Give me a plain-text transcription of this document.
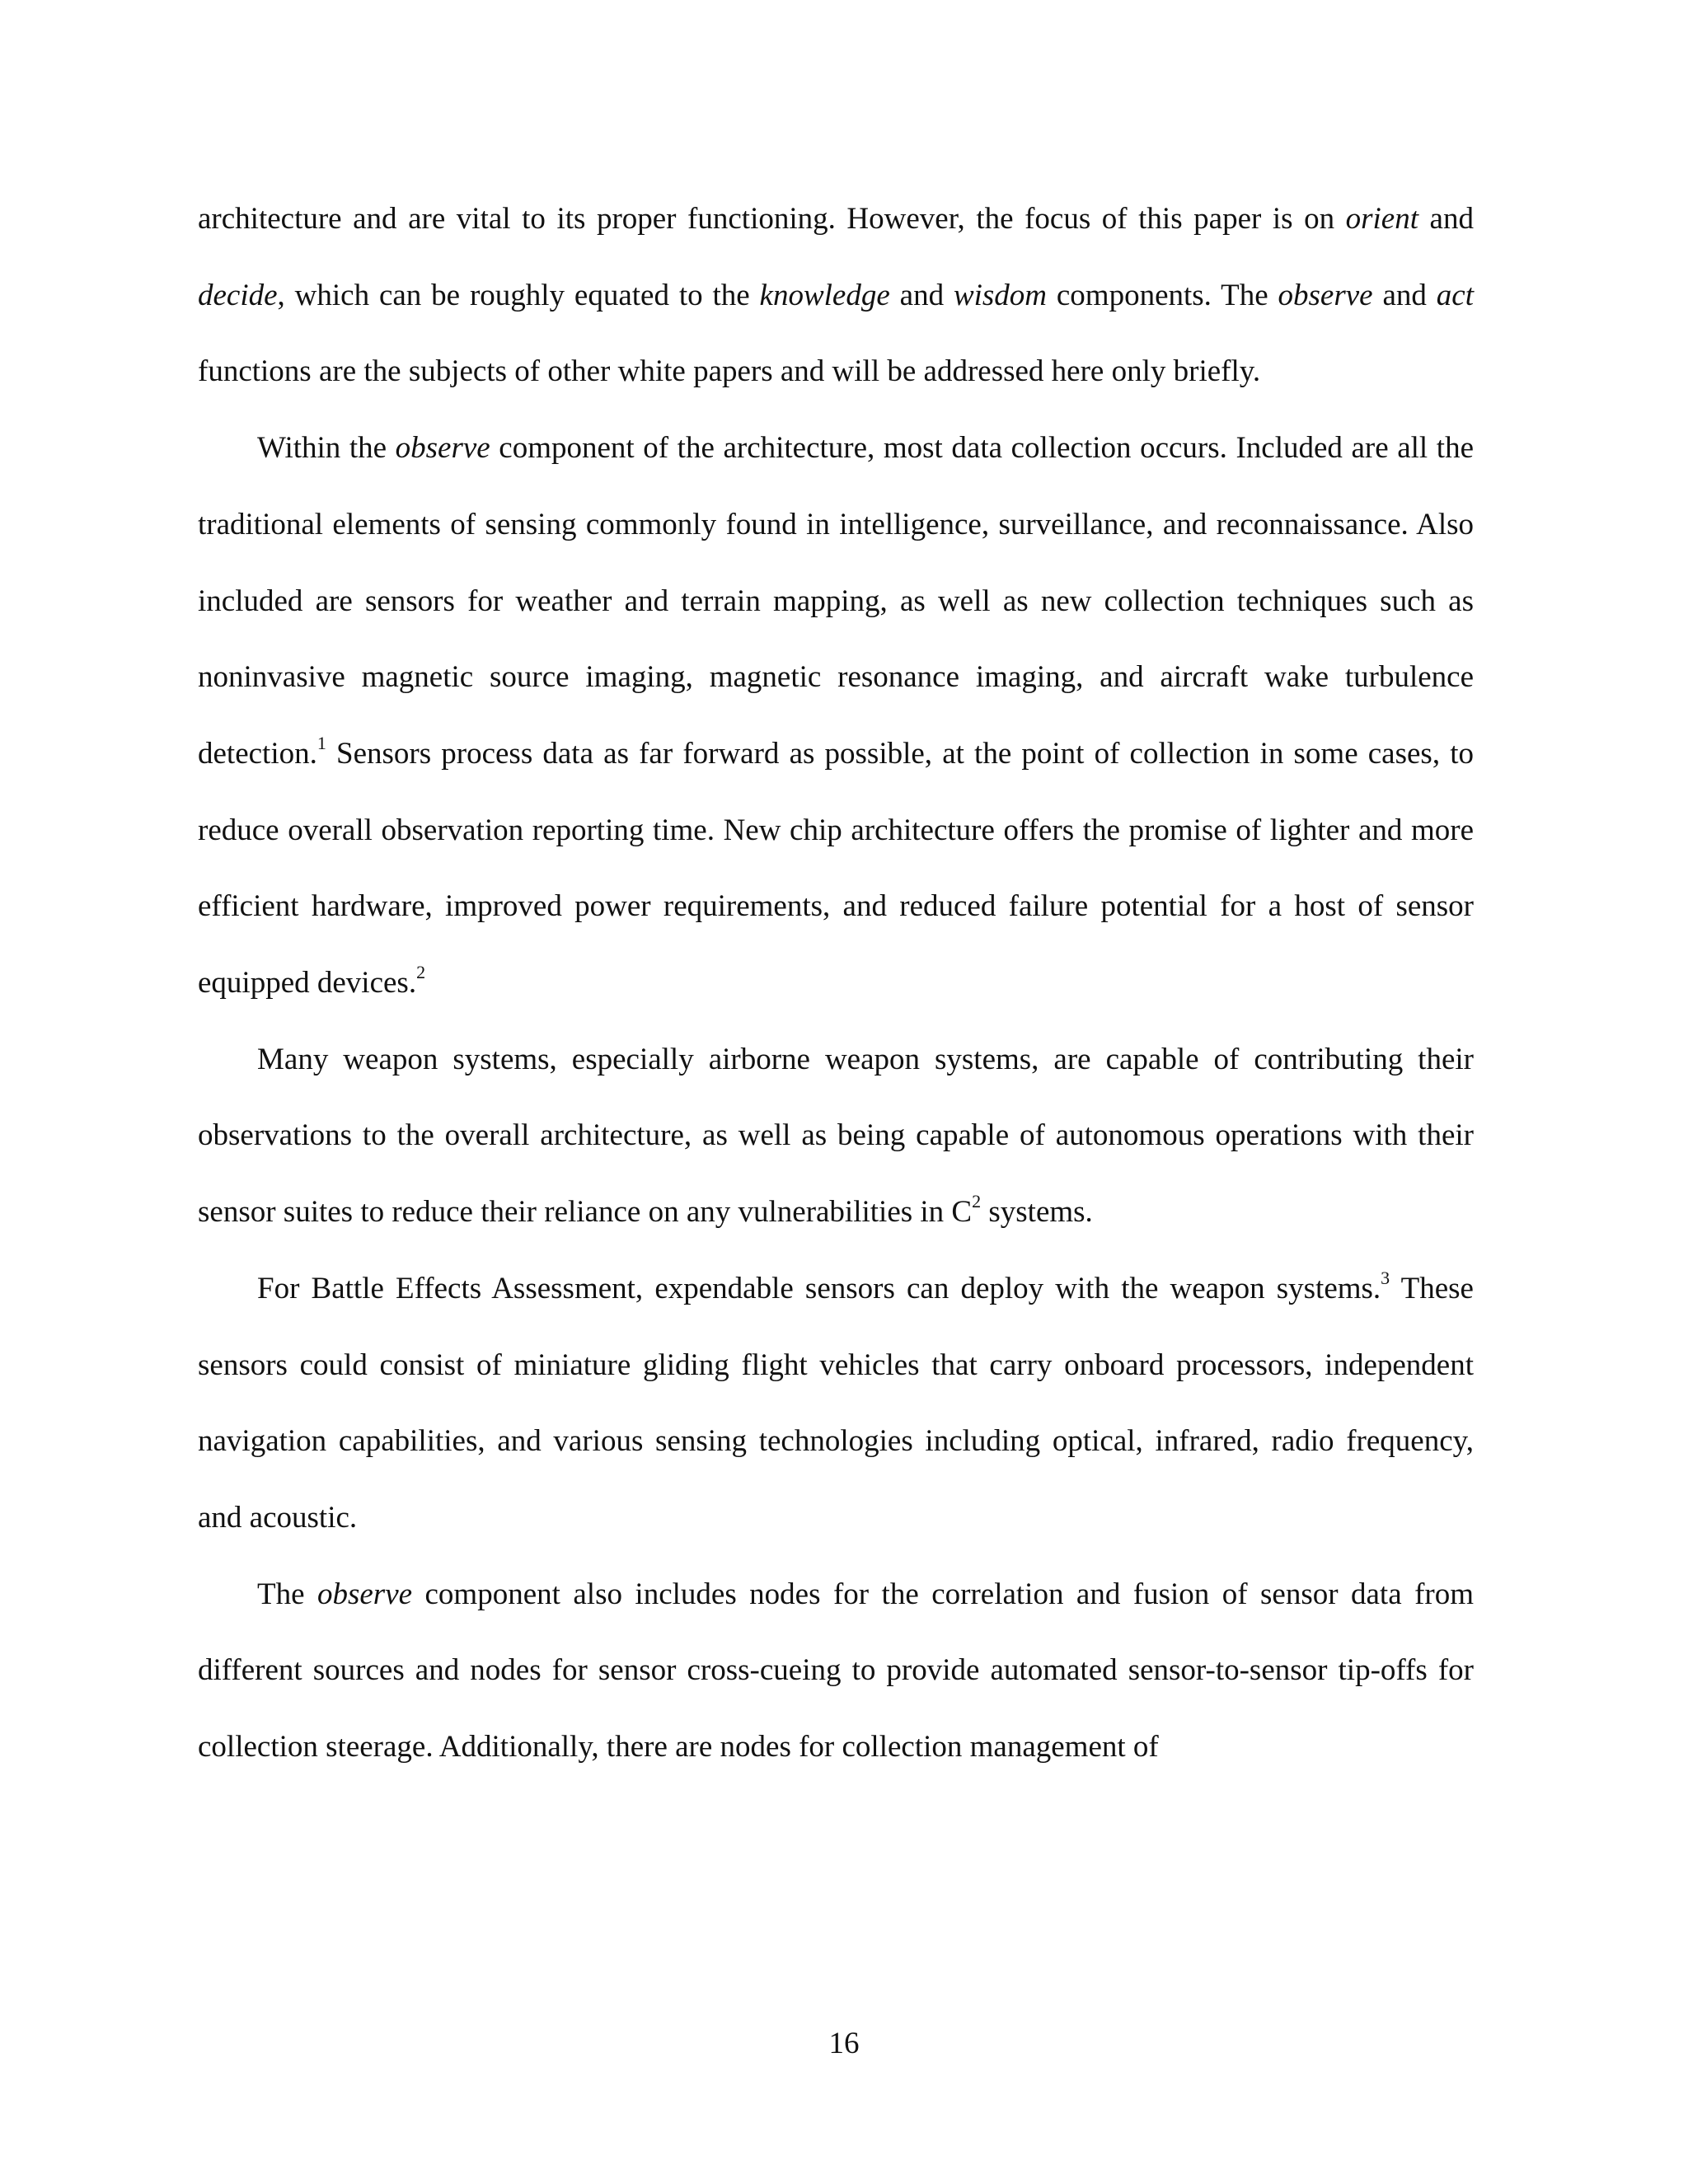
architecture and are vital to its proper functioning. However, the focus of this paper is on orient and decide, which can be roughly equated to the knowledge and wisdom components. The observe and act functions are the subjects of other white papers and will be addressed here only briefly.

Within the observe component of the architecture, most data collection occurs. Included are all the traditional elements of sensing commonly found in intelligence, surveillance, and reconnaissance. Also included are sensors for weather and terrain mapping, as well as new collection techniques such as noninvasive magnetic source imaging, magnetic resonance imaging, and aircraft wake turbulence detection.$^1$ Sensors process data as far forward as possible, at the point of collection in some cases, to reduce overall observation reporting time. New chip architecture offers the promise of lighter and more efficient hardware, improved power requirements, and reduced failure potential for a host of sensor equipped devices.$^2$

Many weapon systems, especially airborne weapon systems, are capable of contributing their observations to the overall architecture, as well as being capable of autonomous operations with their sensor suites to reduce their reliance on any vulnerabilities in $C^2$ systems.

For Battle Effects Assessment, expendable sensors can deploy with the weapon systems.$^3$ These sensors could consist of miniature gliding flight vehicles that carry onboard processors, independent navigation capabilities, and various sensing technologies including optical, infrared, radio frequency, and acoustic.

The observe component also includes nodes for the correlation and fusion of sensor data from different sources and nodes for sensor cross-cueing to provide automated sensor-to-sensor tip-offs for collection steerage. Additionally, there are nodes for collection management of

16
